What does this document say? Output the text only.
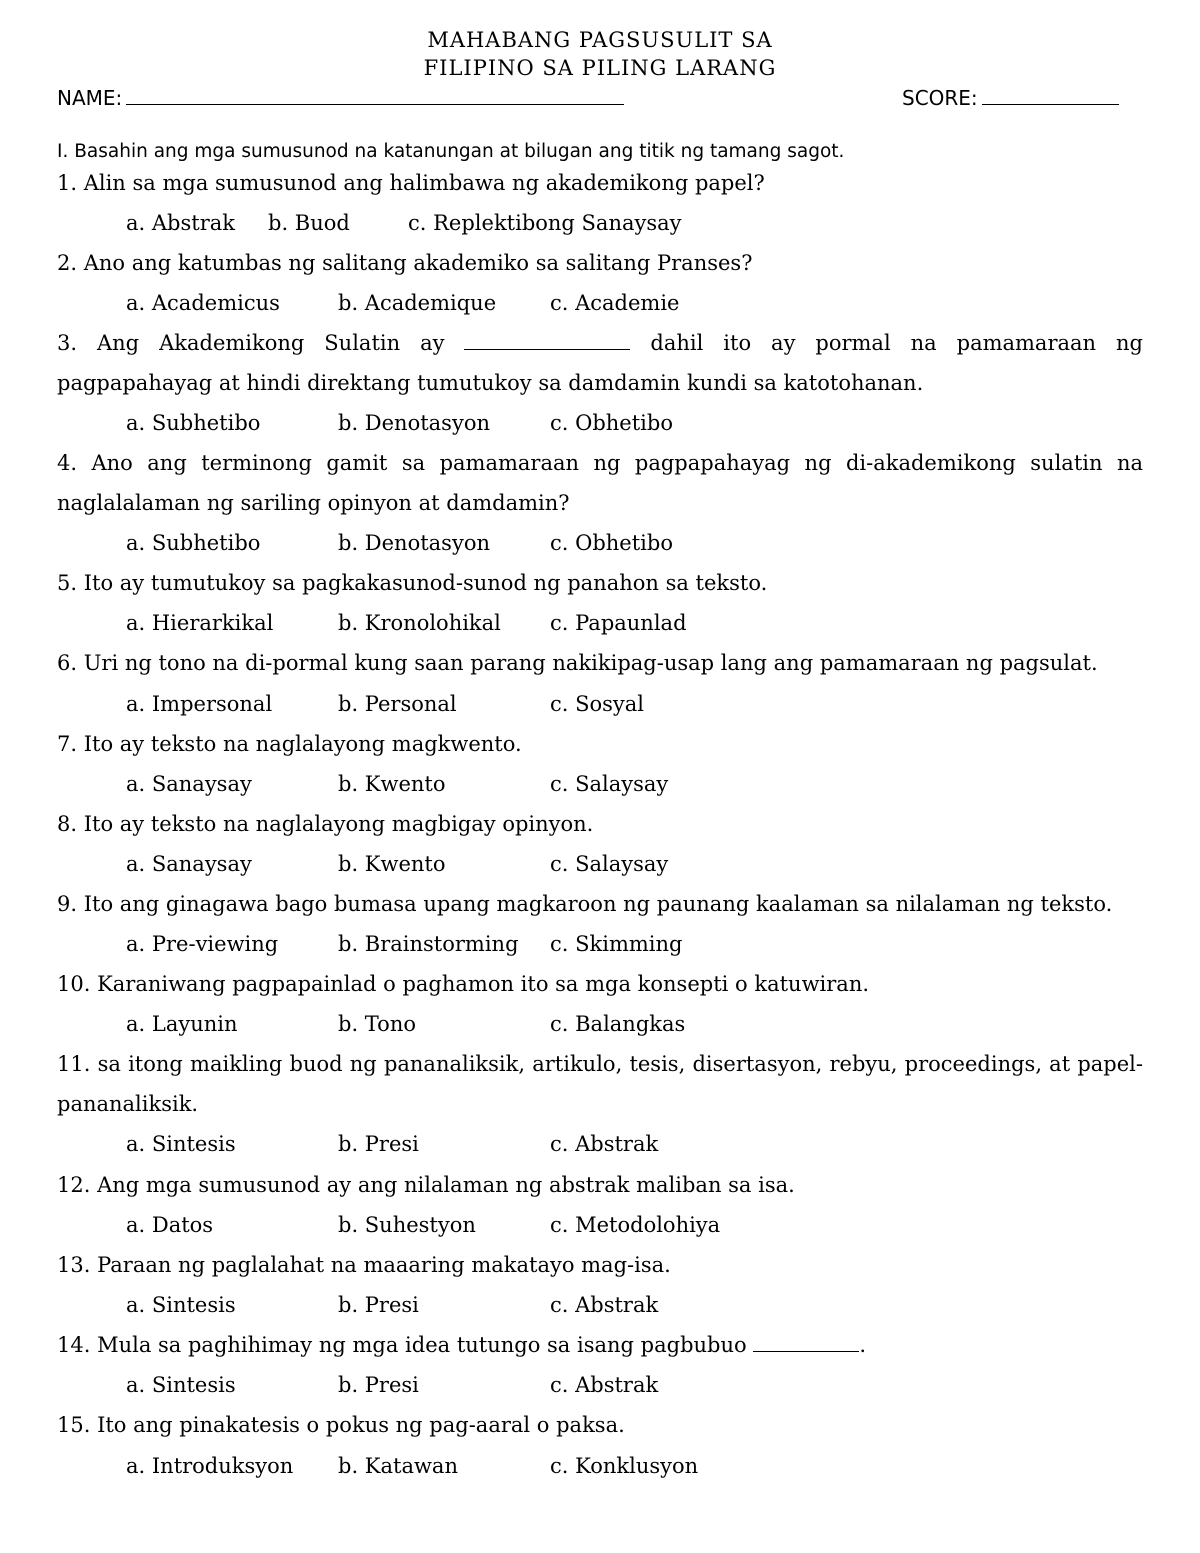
MAHABANG PAGSUSULIT SA
FILIPINO SA PILING LARANG
NAME:	SCORE:
I. Basahin ang mga sumusunod na katanungan at bilugan ang titik ng tamang sagot.
1. Alin sa mga sumusunod ang halimbawa ng akademikong papel?
a. Abstrak b. Buod	c. Replektibong Sanaysay
2. Ano ang katumbas ng salitang akademiko sa salitang Pranses?
a. Academicus	b. Academique	c. Academie
3. Ang Akademikong Sulatin ay	dahil ito ay pormal na pamamaraan ng pagpapahayag at hindi direktang tumutukoy sa damdamin kundi sa katotohanan.
a. Subhetibo	b. Denotasyon	c. Obhetibo
4. Ano ang terminong gamit sa pamamaraan ng pagpapahayag ng di-akademikong sulatin na naglalalaman ng sariling opinyon at damdamin?
a. Subhetibo	b. Denotasyon	c. Obhetibo
5. Ito ay tumutukoy sa pagkakasunod-sunod ng panahon sa teksto.
a. Hierarkikal	b. Kronolohikal c. Papaunlad
6. Uri ng tono na di-pormal kung saan parang nakikipag-usap lang ang pamamaraan ng pagsulat.
a. Impersonal	b. Personal	c. Sosyal
7. Ito ay teksto na naglalayong magkwento.
a. Sanaysay	b. Kwento	c. Salaysay
8. Ito ay teksto na naglalayong magbigay opinyon.
a. Sanaysay	b. Kwento	c. Salaysay
9. Ito ang ginagawa bago bumasa upang magkaroon ng paunang kaalaman sa nilalaman ng teksto.
a. Pre-viewing	b. Brainstorming c. Skimming
10. Karaniwang pagpapainlad o paghamon ito sa mga konsepti o katuwiran.
a. Layunin	b. Tono	c. Balangkas
11. sa itong maikling buod ng pananaliksik, artikulo, tesis, disertasyon, rebyu, proceedings, at papel-pananaliksik.
a. Sintesis	b. Presi	c. Abstrak
12. Ang mga sumusunod ay ang nilalaman ng abstrak maliban sa isa.
a. Datos	b. Suhestyon	c. Metodolohiya
13. Paraan ng paglalahat na maaaring makatayo mag-isa.
a. Sintesis	b. Presi	c. Abstrak
14. Mula sa paghihimay ng mga idea tutungo sa isang pagbubuo	.
a. Sintesis	b. Presi	c. Abstrak
15. Ito ang pinakatesis o pokus ng pag-aaral o paksa.
a. Introduksyon b. Katawan	c. Konklusyon
